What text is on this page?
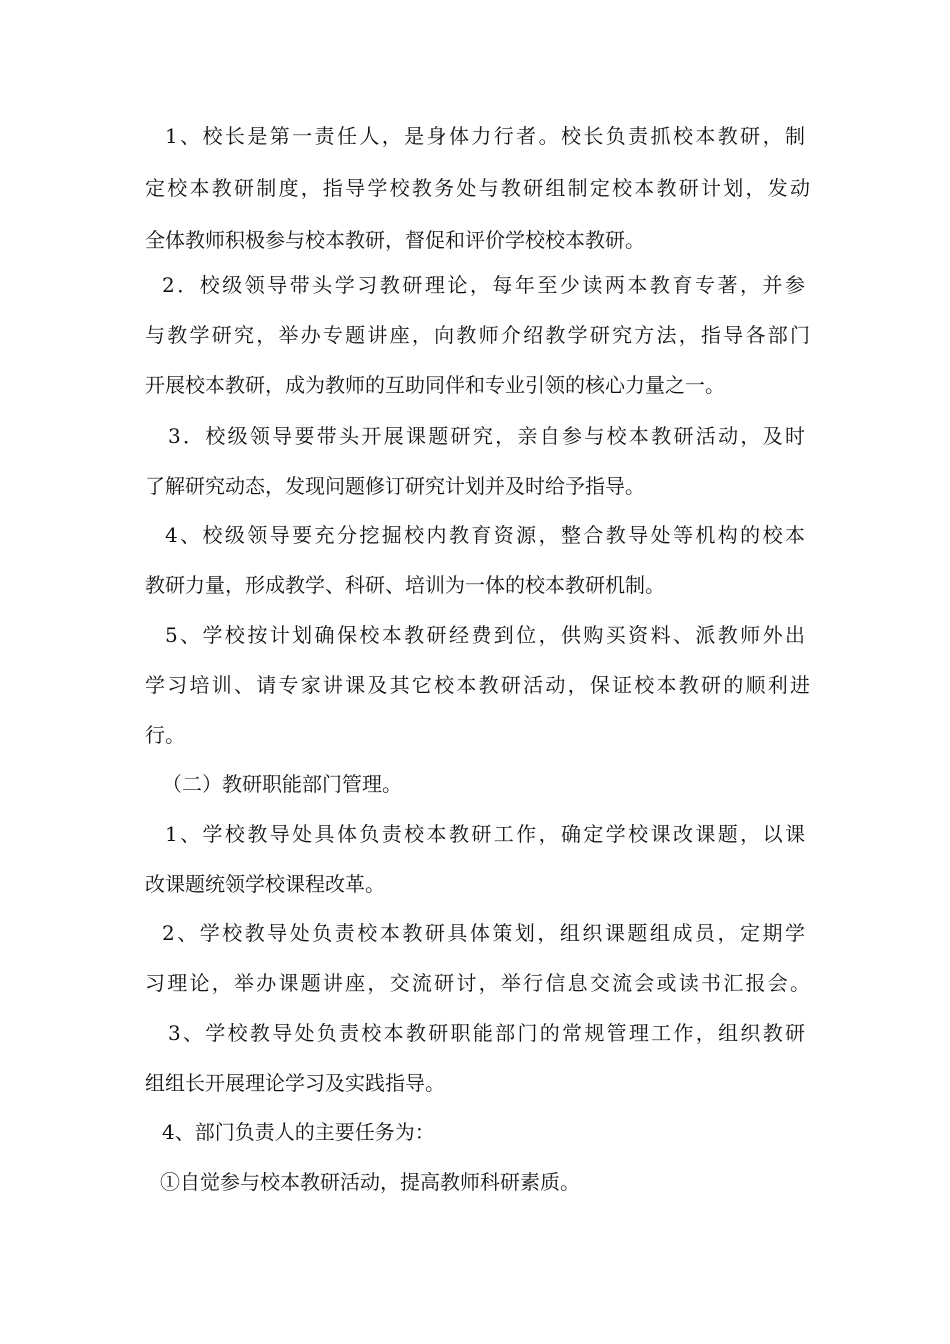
1、校长是第一责任人，是身体力行者。校长负责抓校本教研，制
定校本教研制度，指导学校教务处与教研组制定校本教研计划，发动
全体教师积极参与校本教研，督促和评价学校校本教研。
2．校级领导带头学习教研理论，每年至少读两本教育专著，并参
与教学研究，举办专题讲座，向教师介绍教学研究方法，指导各部门
开展校本教研，成为教师的互助同伴和专业引领的核心力量之一。
3．校级领导要带头开展课题研究，亲自参与校本教研活动，及时
了解研究动态，发现问题修订研究计划并及时给予指导。
4、校级领导要充分挖掘校内教育资源，整合教导处等机构的校本
教研力量，形成教学、科研、培训为一体的校本教研机制。
5、学校按计划确保校本教研经费到位，供购买资料、派教师外出
学习培训、请专家讲课及其它校本教研活动，保证校本教研的顺利进
行。
（二）教研职能部门管理。
1、学校教导处具体负责校本教研工作，确定学校课改课题，以课
改课题统领学校课程改革。
2、学校教导处负责校本教研具体策划，组织课题组成员，定期学
习理论，举办课题讲座，交流研讨，举行信息交流会或读书汇报会。
3、学校教导处负责校本教研职能部门的常规管理工作，组织教研
组组长开展理论学习及实践指导。
4、部门负责人的主要任务为：
①自觉参与校本教研活动，提高教师科研素质。
